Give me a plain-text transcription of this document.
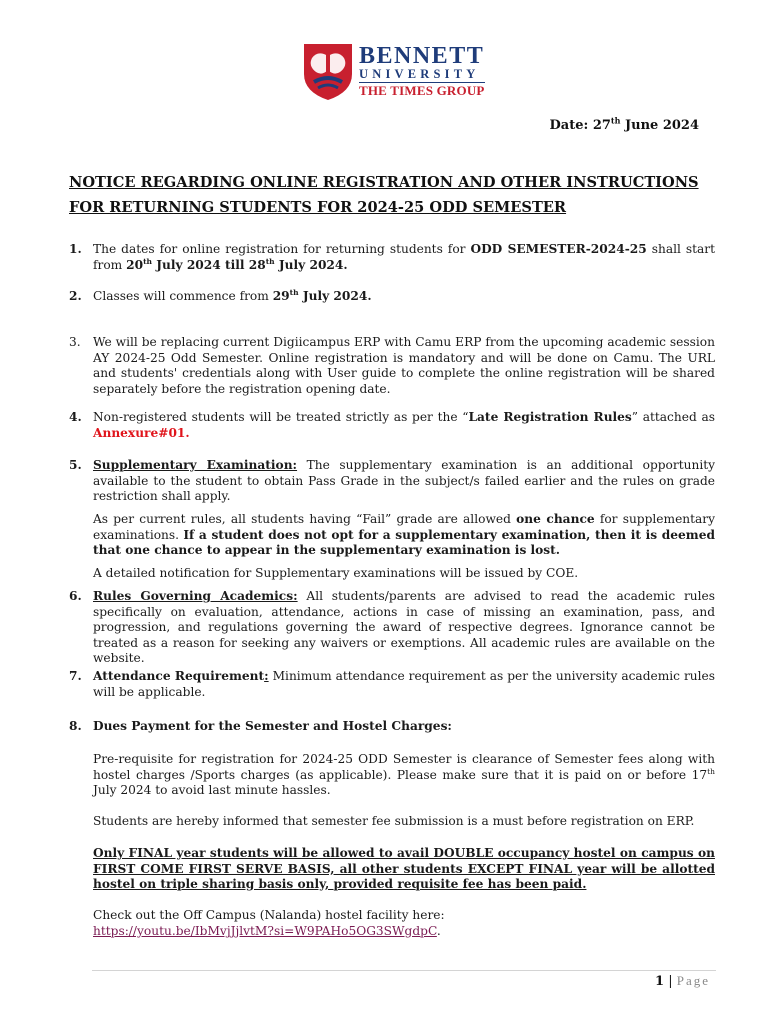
BENNETT
UNIVERSITY
THE TIMES GROUP
Date: 27th June 2024
NOTICE REGARDING ONLINE REGISTRATION AND OTHER INSTRUCTIONS FOR RETURNING STUDENTS FOR 2024-25 ODD SEMESTER
1. The dates for online registration for returning students for ODD SEMESTER-2024-25 shall start from 20th July 2024 till 28th July 2024.
2. Classes will commence from 29th July 2024.
3.	We will be replacing current Digiicampus ERP with Camu ERP from the upcoming academic session AY 2024-25 Odd Semester. Online registration is mandatory and will be done on Camu. The URL and students' credentials along with User guide to complete the online registration will be shared separately before the registration opening date.
4. Non-registered students will be treated strictly as per the “Late Registration Rules” attached as Annexure#01.
5. Supplementary Examination: The supplementary examination is an additional opportunity available to the student to obtain Pass Grade in the subject/s failed earlier and the rules on grade restriction shall apply.
As per current rules, all students having “Fail” grade are allowed one chance for supplementary examinations. If a student does not opt for a supplementary examination, then it is deemed that one chance to appear in the supplementary examination is lost.
A detailed notification for Supplementary examinations will be issued by COE.
6. Rules Governing Academics: All students/parents are advised to read the academic rules specifically on evaluation, attendance, actions in case of missing an examination, pass, and progression, and regulations governing the award of respective degrees. Ignorance cannot be treated as a reason for seeking any waivers or exemptions. All academic rules are available on the website.
7. Attendance Requirement: Minimum attendance requirement as per the university academic rules will be applicable.
8. Dues Payment for the Semester and Hostel Charges:
Pre-requisite for registration for 2024-25 ODD Semester is clearance of Semester fees along with hostel charges /Sports charges (as applicable). Please make sure that it is paid on or before 17th July 2024 to avoid last minute hassles.
Students are hereby informed that semester fee submission is a must before registration on ERP.
Only FINAL year students will be allowed to avail DOUBLE occupancy hostel on campus on FIRST COME FIRST SERVE BASIS, all other students EXCEPT FINAL year will be allotted hostel on triple sharing basis only, provided requisite fee has been paid.
Check out the Off Campus (Nalanda) hostel facility here:
https://youtu.be/IbMvjJjlvtM?si=W9PAHo5OG3SWgdpC.
1 | Page
